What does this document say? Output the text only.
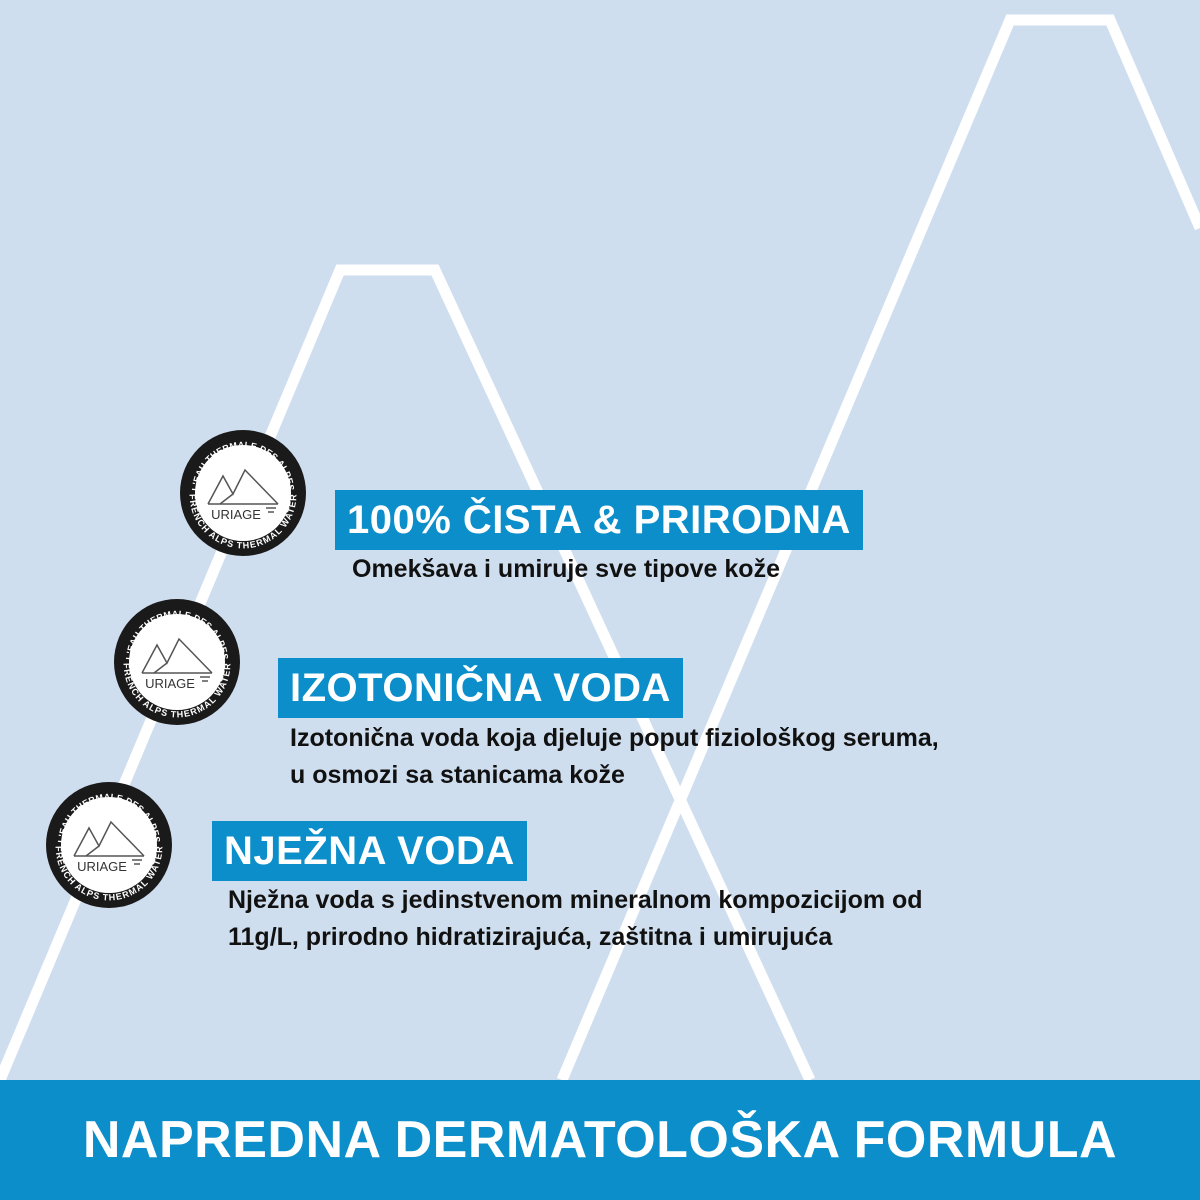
L'EAU THERMALE DES ALPES
FRENCH ALPS THERMAL WATER
URIAGE
L'EAU THERMALE DES ALPES
FRENCH ALPS THERMAL WATER
URIAGE
L'EAU THERMALE DES ALPES
FRENCH ALPS THERMAL WATER
URIAGE
100% ČISTA & PRIRODNA
Omekšava i umiruje sve tipove kože
IZOTONIČNA VODA
Izotonična voda koja djeluje poput fiziološkog seruma,
u osmozi sa stanicama kože
NJEŽNA VODA
Nježna voda s jedinstvenom mineralnom kompozicijom od
11g/L, prirodno hidratizirajuća, zaštitna i umirujuća
NAPREDNA DERMATOLOŠKA FORMULA
